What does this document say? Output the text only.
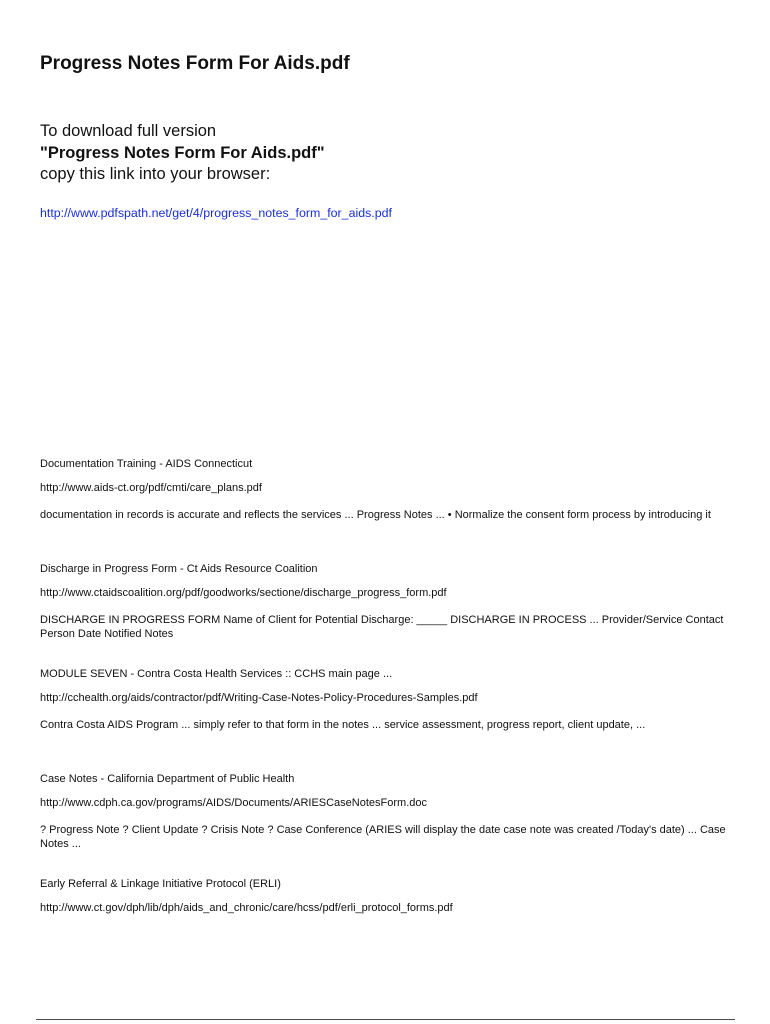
Progress Notes Form For Aids.pdf
To download full version
"Progress Notes Form For Aids.pdf"
copy this link into your browser:
http://www.pdfspath.net/get/4/progress_notes_form_for_aids.pdf
Documentation Training - AIDS Connecticut
http://www.aids-ct.org/pdf/cmti/care_plans.pdf
documentation in records is accurate and reflects the services ... Progress Notes ... • Normalize the consent form process by introducing it
Discharge in Progress Form - Ct Aids Resource Coalition
http://www.ctaidscoalition.org/pdf/goodworks/sectione/discharge_progress_form.pdf
DISCHARGE IN PROGRESS FORM Name of Client for Potential Discharge: _____ DISCHARGE IN PROCESS ... Provider/Service Contact Person Date Notified Notes
MODULE SEVEN - Contra Costa Health Services :: CCHS main page ...
http://cchealth.org/aids/contractor/pdf/Writing-Case-Notes-Policy-Procedures-Samples.pdf
Contra Costa AIDS Program ... simply refer to that form in the notes ... service assessment, progress report, client update, ...
Case Notes - California Department of Public Health
http://www.cdph.ca.gov/programs/AIDS/Documents/ARIESCaseNotesForm.doc
? Progress Note ? Client Update ? Crisis Note ? Case Conference (ARIES will display the date case note was created /Today's date) ... Case Notes ...
Early Referral & Linkage Initiative Protocol (ERLI)
http://www.ct.gov/dph/lib/dph/aids_and_chronic/care/hcss/pdf/erli_protocol_forms.pdf
